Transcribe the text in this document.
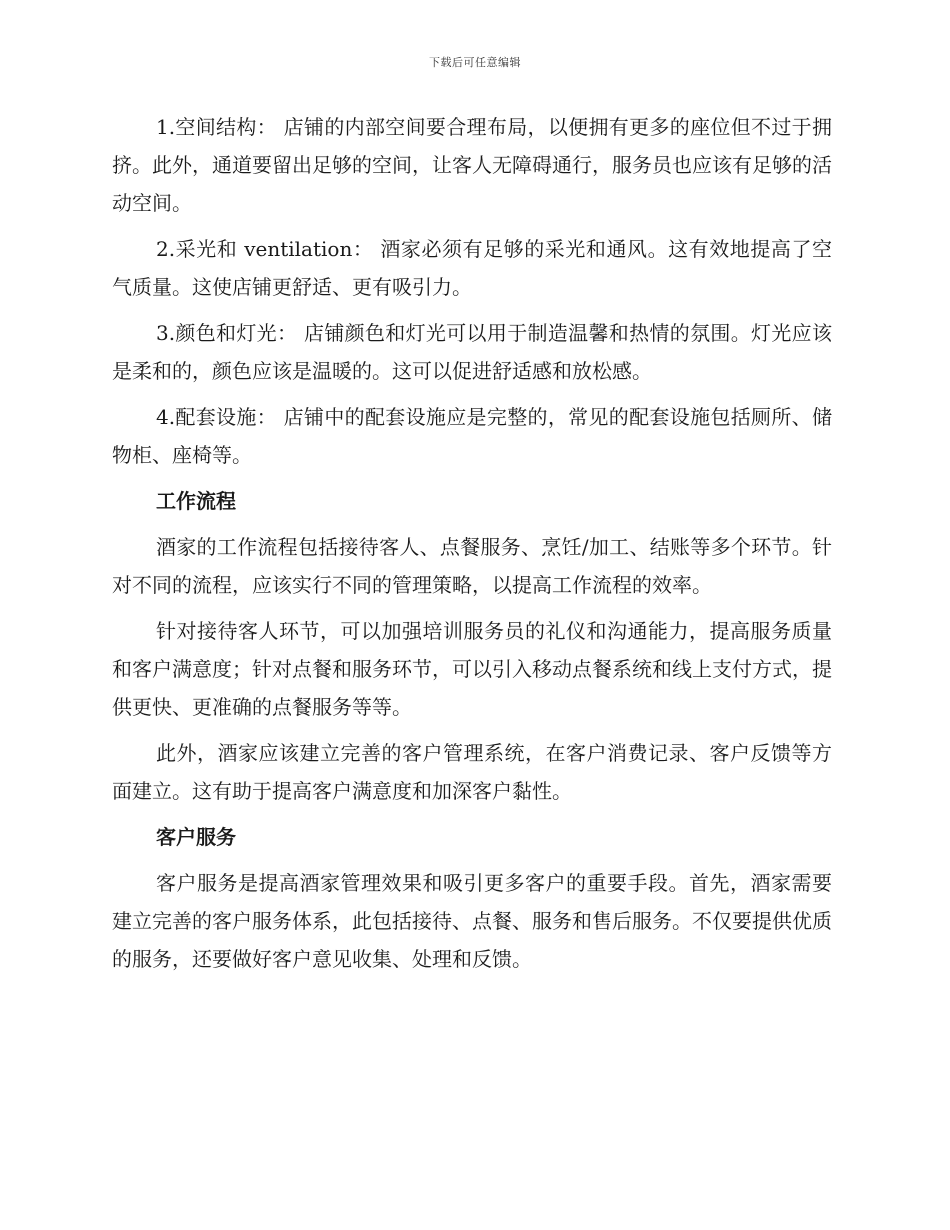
下载后可任意编辑

1.空间结构： 店铺的内部空间要合理布局，以便拥有更多的座位但不过于拥挤。此外，通道要留出足够的空间，让客人无障碍通行，服务员也应该有足够的活动空间。

2.采光和 ventilation： 酒家必须有足够的采光和通风。这有效地提高了空气质量。这使店铺更舒适、更有吸引力。

3.颜色和灯光： 店铺颜色和灯光可以用于制造温馨和热情的氛围。灯光应该是柔和的，颜色应该是温暖的。这可以促进舒适感和放松感。

4.配套设施： 店铺中的配套设施应是完整的，常见的配套设施包括厕所、储物柜、座椅等。

工作流程

酒家的工作流程包括接待客人、点餐服务、烹饪/加工、结账等多个环节。针对不同的流程，应该实行不同的管理策略，以提高工作流程的效率。

针对接待客人环节，可以加强培训服务员的礼仪和沟通能力，提高服务质量和客户满意度；针对点餐和服务环节，可以引入移动点餐系统和线上支付方式，提供更快、更准确的点餐服务等等。

此外，酒家应该建立完善的客户管理系统，在客户消费记录、客户反馈等方面建立。这有助于提高客户满意度和加深客户黏性。

客户服务

客户服务是提高酒家管理效果和吸引更多客户的重要手段。首先，酒家需要建立完善的客户服务体系，此包括接待、点餐、服务和售后服务。不仅要提供优质的服务，还要做好客户意见收集、处理和反馈。
